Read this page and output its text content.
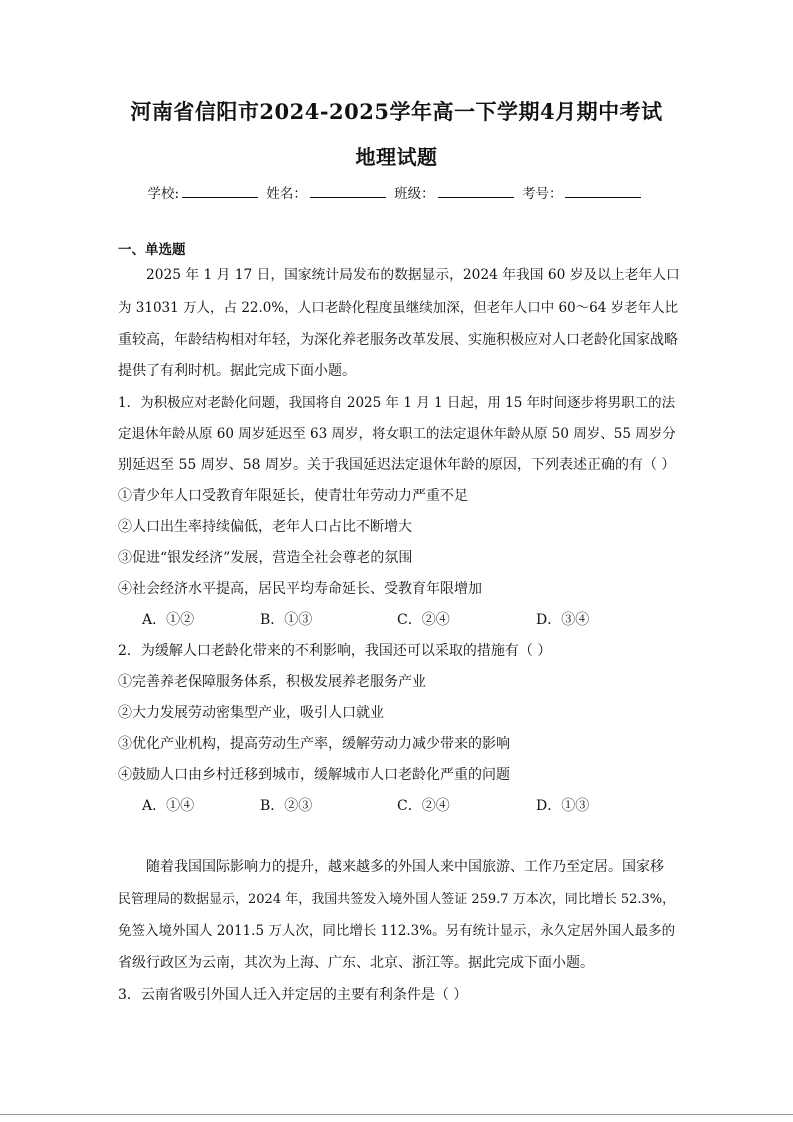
河南省信阳市2024-2025学年高一下学期4月期中考试
地理试题
学校:	姓名：	班级：	考号：
一、单选题
2025 年 1 月 17 日，国家统计局发布的数据显示，2024 年我国 60 岁及以上老年人口
为 31031 万人，占 22.0%，人口老龄化程度虽继续加深，但老年人口中 60～64 岁老年人比
重较高，年龄结构相对年轻，为深化养老服务改革发展、实施积极应对人口老龄化国家战略
提供了有利时机。据此完成下面小题。
1．为积极应对老龄化问题，我国将自 2025 年 1 月 1 日起，用 15 年时间逐步将男职工的法
定退休年龄从原 60 周岁延迟至 63 周岁，将女职工的法定退休年龄从原 50 周岁、55 周岁分
别延迟至 55 周岁、58 周岁。关于我国延迟法定退休年龄的原因，下列表述正确的有（ ）
①青少年人口受教育年限延长，使青壮年劳动力严重不足
②人口出生率持续偏低，老年人口占比不断增大
③促进“银发经济”发展，营造全社会尊老的氛围
④社会经济水平提高，居民平均寿命延长、受教育年限增加
A．①②	B．①③	C．②④	D．③④
2．为缓解人口老龄化带来的不利影响，我国还可以采取的措施有（ ）
①完善养老保障服务体系，积极发展养老服务产业
②大力发展劳动密集型产业，吸引人口就业
③优化产业机构，提高劳动生产率，缓解劳动力减少带来的影响
④鼓励人口由乡村迁移到城市，缓解城市人口老龄化严重的问题
A．①④	B．②③	C．②④	D．①③
随着我国国际影响力的提升，越来越多的外国人来中国旅游、工作乃至定居。国家移
民管理局的数据显示，2024 年，我国共签发入境外国人签证 259.7 万本次，同比增长 52.3%，
免签入境外国人 2011.5 万人次，同比增长 112.3%。另有统计显示，永久定居外国人最多的
省级行政区为云南，其次为上海、广东、北京、浙江等。据此完成下面小题。
3．云南省吸引外国人迁入并定居的主要有利条件是（ ）
